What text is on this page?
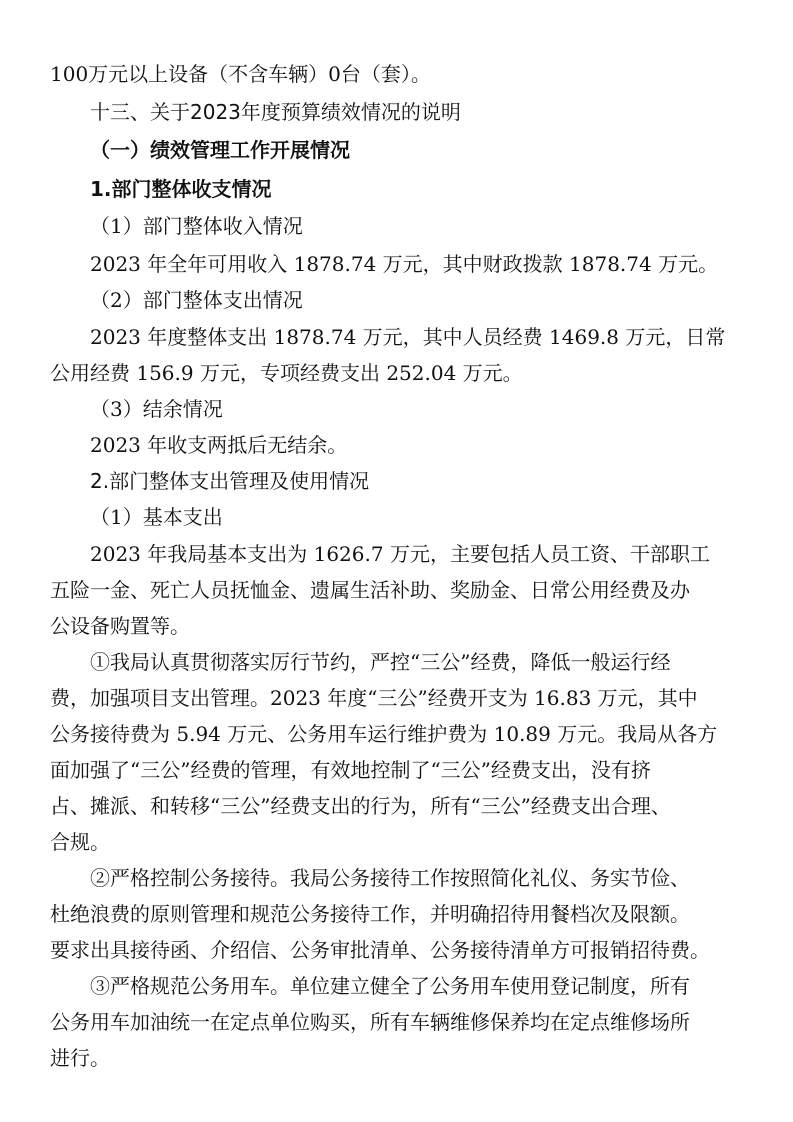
100万元以上设备（不含车辆）0台（套）。

十三、关于2023年度预算绩效情况的说明

（一）绩效管理工作开展情况

1.部门整体收支情况

（1）部门整体收入情况

2023 年全年可用收入 1878.74 万元，其中财政拨款 1878.74 万元。

（2）部门整体支出情况

2023 年度整体支出 1878.74 万元，其中人员经费 1469.8 万元，日常

公用经费 156.9 万元，专项经费支出 252.04 万元。

（3）结余情况

2023 年收支两抵后无结余。

2.部门整体支出管理及使用情况

（1）基本支出

2023 年我局基本支出为 1626.7 万元，主要包括人员工资、干部职工

五险一金、死亡人员抚恤金、遗属生活补助、奖励金、日常公用经费及办

公设备购置等。

①我局认真贯彻落实厉行节约，严控“三公”经费，降低一般运行经

费，加强项目支出管理。2023 年度“三公”经费开支为 16.83 万元，其中

公务接待费为 5.94 万元、公务用车运行维护费为 10.89 万元。我局从各方

面加强了“三公”经费的管理，有效地控制了“三公”经费支出，没有挤

占、摊派、和转移“三公”经费支出的行为，所有“三公”经费支出合理、

合规。

②严格控制公务接待。我局公务接待工作按照简化礼仪、务实节俭、

杜绝浪费的原则管理和规范公务接待工作，并明确招待用餐档次及限额。

要求出具接待函、介绍信、公务审批清单、公务接待清单方可报销招待费。

③严格规范公务用车。单位建立健全了公务用车使用登记制度，所有

公务用车加油统一在定点单位购买，所有车辆维修保养均在定点维修场所

进行。
